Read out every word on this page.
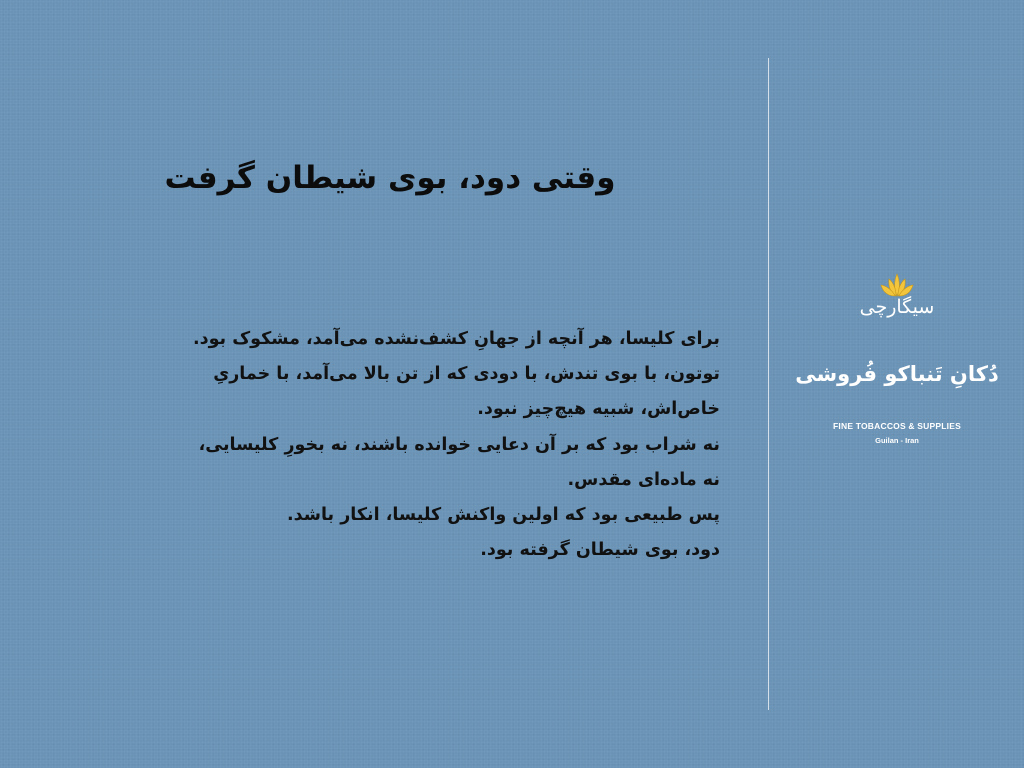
وقتی دود، بوی شیطان گرفت
برای کلیسا، هر آنچه از جهانِ کشف‌نشده می‌آمد، مشکوک بود.
توتون، با بوی تندش، با دودی که از تن بالا می‌آمد، با خماریِ
خاص‌اش، شبیه هیچ‌چیز نبود.
نه شراب بود که بر آن دعایی خوانده باشند، نه بخورِ کلیسایی،
نه ماده‌ای مقدس.
پس طبیعی بود که اولین واکنش کلیسا، انکار باشد.
دود، بوی شیطان گرفته بود.
سیگارچی
دُکانِ تَنباکو فُروشی
FINE TOBACCOS & SUPPLIES
Guilan - Iran
